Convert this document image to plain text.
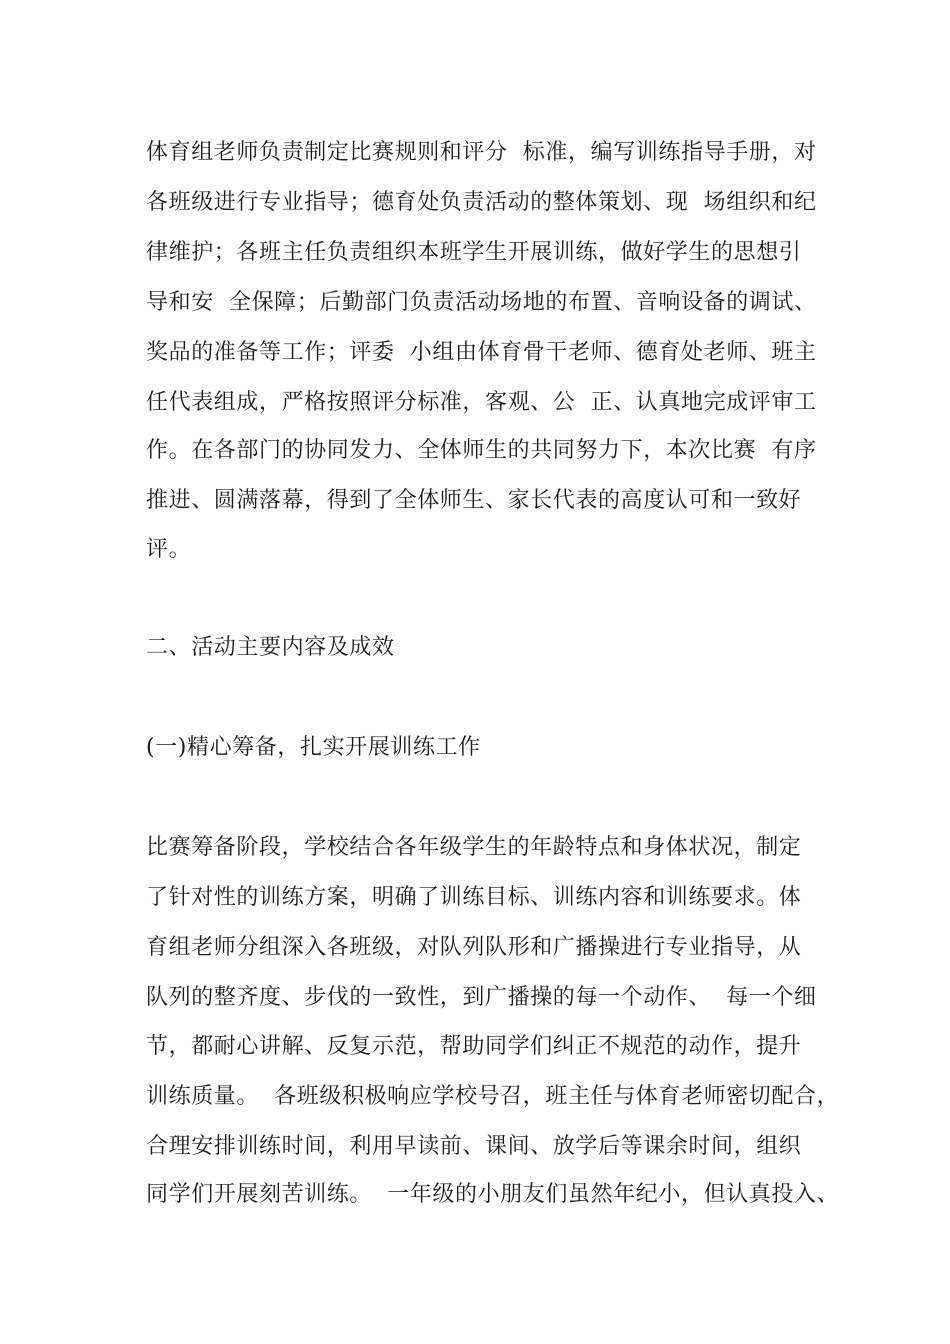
体育组老师负责制定比赛规则和评分  标准，编写训练指导手册，对
各班级进行专业指导；德育处负责活动的整体策划、现  场组织和纪
律维护；各班主任负责组织本班学生开展训练，做好学生的思想引
导和安  全保障；后勤部门负责活动场地的布置、音响设备的调试、
奖品的准备等工作；评委  小组由体育骨干老师、德育处老师、班主
任代表组成，严格按照评分标准，客观、公  正、认真地完成评审工
作。在各部门的协同发力、全体师生的共同努力下，本次比赛  有序
推进、圆满落幕，得到了全体师生、家长代表的高度认可和一致好
评。
二、活动主要内容及成效
(一)精心筹备，扎实开展训练工作
比赛筹备阶段，学校结合各年级学生的年龄特点和身体状况，制定
了针对性的训练方案，明确了训练目标、训练内容和训练要求。体
育组老师分组深入各班级，对队列队形和广播操进行专业指导，从
队列的整齐度、步伐的一致性，到广播操的每一个动作、  每一个细
节，都耐心讲解、反复示范，帮助同学们纠正不规范的动作，提升
训练质量。  各班级积极响应学校号召，班主任与体育老师密切配合，
合理安排训练时间，利用早读前、课间、放学后等课余时间，组织
同学们开展刻苦训练。  一年级的小朋友们虽然年纪小，但认真投入、
